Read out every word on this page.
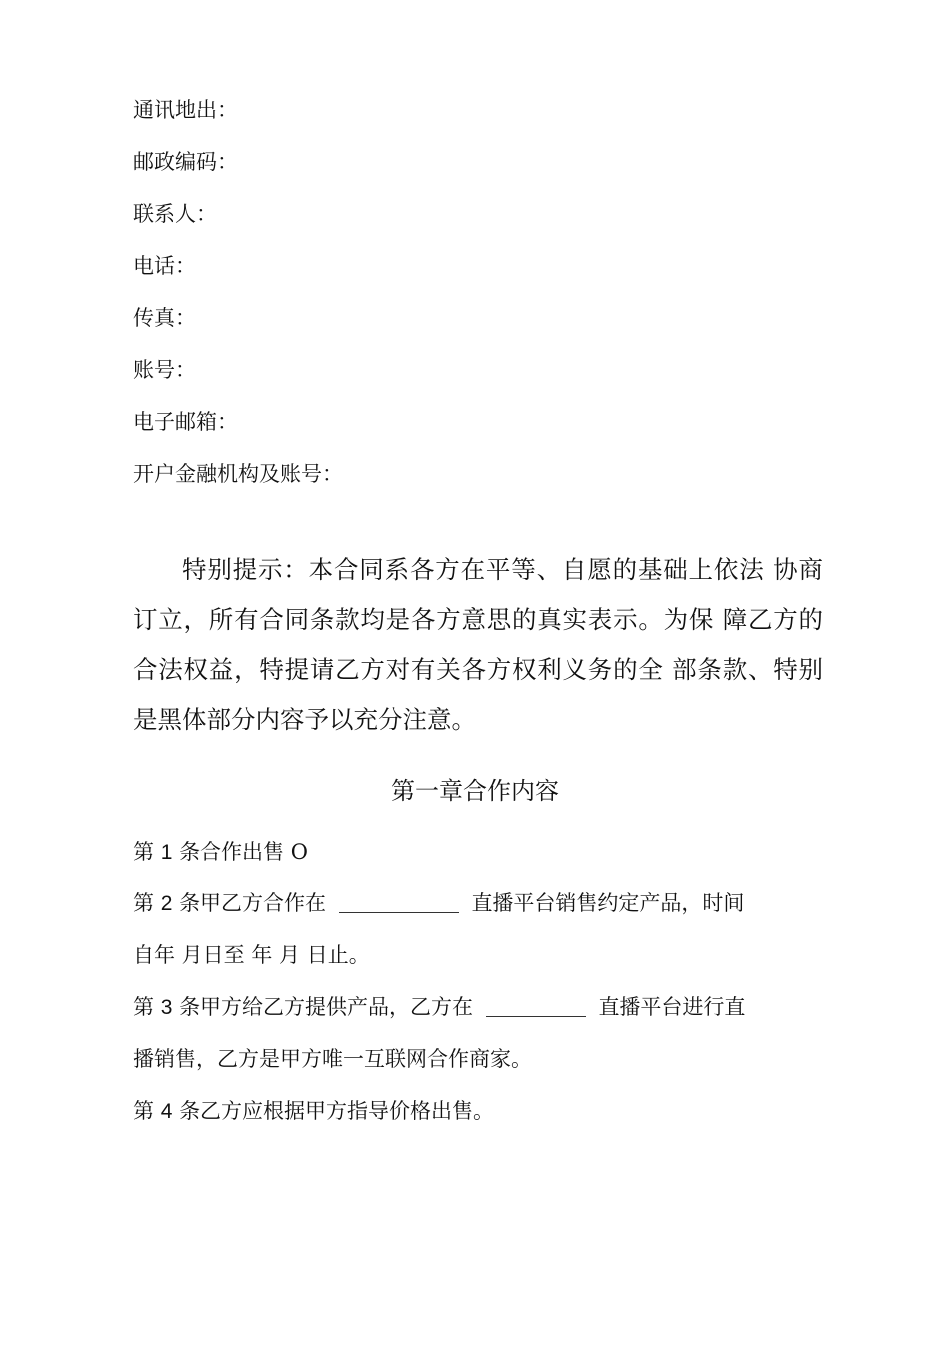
通讯地出：
邮政编码：
联系人：
电话：
传真：
账号：
电子邮箱：
开户金融机构及账号：
特别提示：本合同系各方在平等、自愿的基础上依法 协商订立，所有合同条款均是各方意思的真实表示。为保 障乙方的合法权益，特提请乙方对有关各方权利义务的全 部条款、特别是黑体部分内容予以充分注意。
第一章合作内容
第 1 条合作出售 O
第 2 条甲乙方合作在	直播平台销售约定产品，时间
自年 月日至 年 月 日止。
第 3 条甲方给乙方提供产品，乙方在	直播平台进行直
播销售，乙方是甲方唯一互联网合作商家。
第 4 条乙方应根据甲方指导价格出售。
